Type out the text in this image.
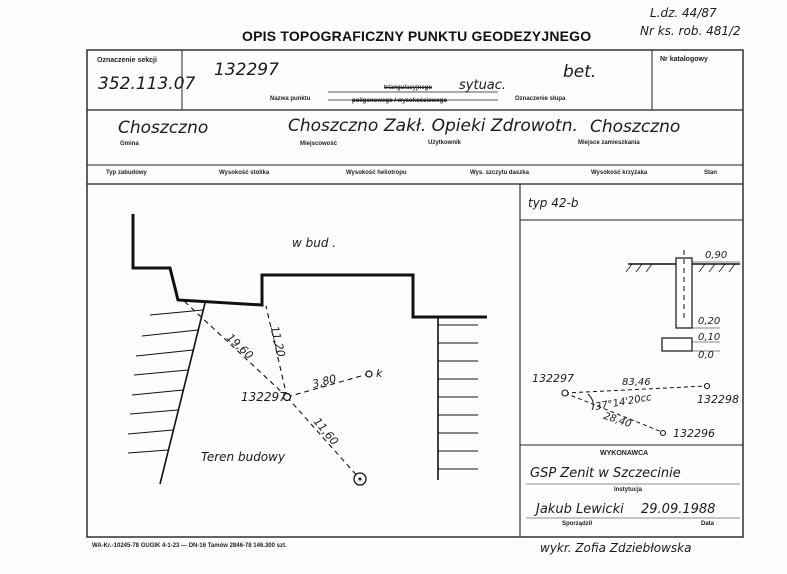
OPIS TOPOGRAFICZNY PUNKTU GEODEZYJNEGO
L.dz. 44/87
Nr ks. rob. 481/2
Oznaczenie sekcji
352.113.07
132297
Nazwa punktu
triangulacyjnego sytuac.
poligonowego / wysokościowego	Oznaczenie słupa
bet.
Nr katalogowy
Choszczno
Gmina
Choszczno
Miejscowość
Zakł. Opieki Zdrowotn.
Użytkownik
Choszczno
Miejsce zamieszkania
Typ zabudowy	Wysokość stolika	Wysokość heliotropu	Wys. szczytu daszka	Wysokość krzyżaka	Stan
w bud .
Teren budowy
132297
19,60 11,20
3,80
11,60
k
typ 42-b
0,90
0,20
0,10
0,0
132297
132298
132296
83,46
37°14'20cc
28,40
WYKONAWCA
GSP Zenit w Szczecinie
Instytucja
Jakub Lewicki 29.09.1988
Sporządził	Data
WA-Kr.-10245-78 GUGIK 4-1-23 — DN-16 Tamów 2846-78 146.300 szt.	wykr. Zofia Zdziebłowska
